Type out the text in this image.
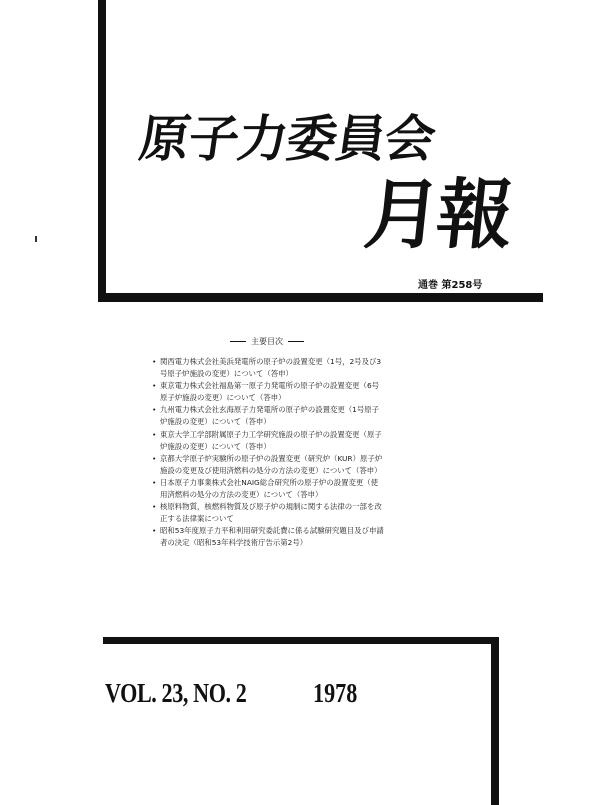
原子力委員会
月報
通巻 第258号
主要目次
• 関西電力株式会社美浜発電所の原子炉の設置変更（1号，2号及び3号原子炉施設の変更）について（答申）
• 東京電力株式会社福島第一原子力発電所の原子炉の設置変更（6号原子炉施設の変更）について（答申）
• 九州電力株式会社玄海原子力発電所の原子炉の設置変更（1号原子炉施設の変更）について（答申）
• 東京大学工学部附属原子力工学研究施設の原子炉の設置変更（原子炉施設の変更）について（答申）
• 京都大学原子炉実験所の原子炉の設置変更（研究炉（KUR）原子炉施設の変更及び使用済燃料の処分の方法の変更）について（答申）
• 日本原子力事業株式会社NAIG総合研究所の原子炉の設置変更（使用済燃料の処分の方法の変更）について（答申）
• 核原料物質，核燃料物質及び原子炉の規制に関する法律の一部を改正する法律案について
• 昭和53年度原子力平和利用研究委託費に係る試験研究題目及び申請者の決定（昭和53年科学技術庁告示第2号）
VOL. 23, NO. 2	1978
